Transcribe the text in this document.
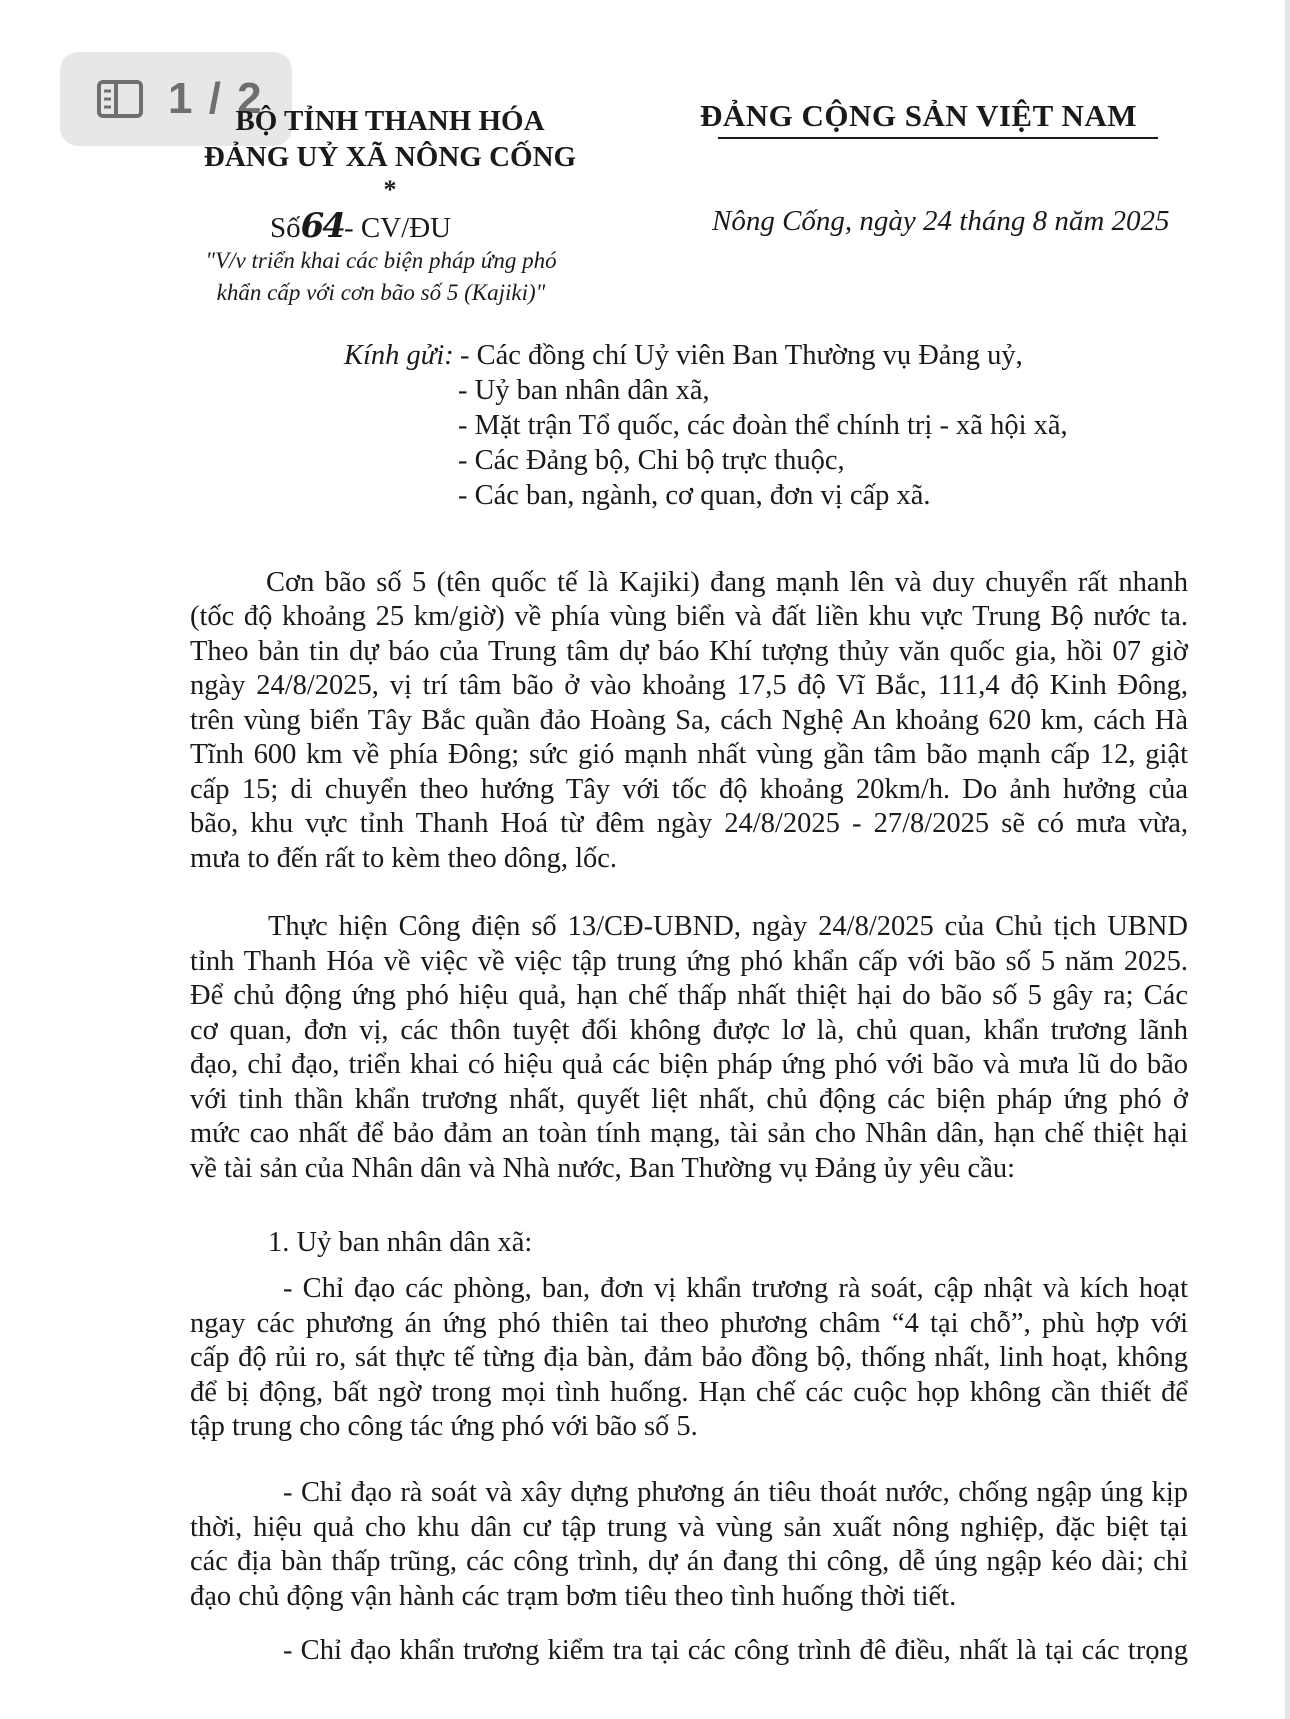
1 / 2
BỘ TỈNH THANH HÓA
ĐẢNG UỶ XÃ NÔNG CỐNG
*
ĐẢNG CỘNG SẢN VIỆT NAM
Số64- CV/ĐU	Nông Cống, ngày 24 tháng 8 năm 2025
"V/v triển khai các biện pháp ứng phó
khẩn cấp với cơn bão số 5 (Kajiki)"
Kính gửi: - Các đồng chí Uỷ viên Ban Thường vụ Đảng uỷ,
- Uỷ ban nhân dân xã,
- Mặt trận Tổ quốc, các đoàn thể chính trị - xã hội xã,
- Các Đảng bộ, Chi bộ trực thuộc,
- Các ban, ngành, cơ quan, đơn vị cấp xã.
Cơn bão số 5 (tên quốc tế là Kajiki) đang mạnh lên và duy chuyển rất nhanh
(tốc độ khoảng 25 km/giờ) về phía vùng biển và đất liền khu vực Trung Bộ nước ta.
Theo bản tin dự báo của Trung tâm dự báo Khí tượng thủy văn quốc gia, hồi 07 giờ
ngày 24/8/2025, vị trí tâm bão ở vào khoảng 17,5 độ Vĩ Bắc, 111,4 độ Kinh Đông,
trên vùng biển Tây Bắc quần đảo Hoàng Sa, cách Nghệ An khoảng 620 km, cách Hà
Tĩnh 600 km về phía Đông; sức gió mạnh nhất vùng gần tâm bão mạnh cấp 12, giật
cấp 15; di chuyển theo hướng Tây với tốc độ khoảng 20km/h. Do ảnh hưởng của
bão, khu vực tỉnh Thanh Hoá từ đêm ngày 24/8/2025 - 27/8/2025 sẽ có mưa vừa,
mưa to đến rất to kèm theo dông, lốc.
Thực hiện Công điện số 13/CĐ-UBND, ngày 24/8/2025 của Chủ tịch UBND
tỉnh Thanh Hóa về việc về việc tập trung ứng phó khẩn cấp với bão số 5 năm 2025.
Để chủ động ứng phó hiệu quả, hạn chế thấp nhất thiệt hại do bão số 5 gây ra; Các
cơ quan, đơn vị, các thôn tuyệt đối không được lơ là, chủ quan, khẩn trương lãnh
đạo, chỉ đạo, triển khai có hiệu quả các biện pháp ứng phó với bão và mưa lũ do bão
với tinh thần khẩn trương nhất, quyết liệt nhất, chủ động các biện pháp ứng phó ở
mức cao nhất để bảo đảm an toàn tính mạng, tài sản cho Nhân dân, hạn chế thiệt hại
về tài sản của Nhân dân và Nhà nước, Ban Thường vụ Đảng ủy yêu cầu:
1. Uỷ ban nhân dân xã:
- Chỉ đạo các phòng, ban, đơn vị khẩn trương rà soát, cập nhật và kích hoạt
ngay các phương án ứng phó thiên tai theo phương châm “4 tại chỗ”, phù hợp với
cấp độ rủi ro, sát thực tế từng địa bàn, đảm bảo đồng bộ, thống nhất, linh hoạt, không
để bị động, bất ngờ trong mọi tình huống. Hạn chế các cuộc họp không cần thiết để
tập trung cho công tác ứng phó với bão số 5.
- Chỉ đạo rà soát và xây dựng phương án tiêu thoát nước, chống ngập úng kịp
thời, hiệu quả cho khu dân cư tập trung và vùng sản xuất nông nghiệp, đặc biệt tại
các địa bàn thấp trũng, các công trình, dự án đang thi công, dễ úng ngập kéo dài; chỉ
đạo chủ động vận hành các trạm bơm tiêu theo tình huống thời tiết.
- Chỉ đạo khẩn trương kiểm tra tại các công trình đê điều, nhất là tại các trọng
